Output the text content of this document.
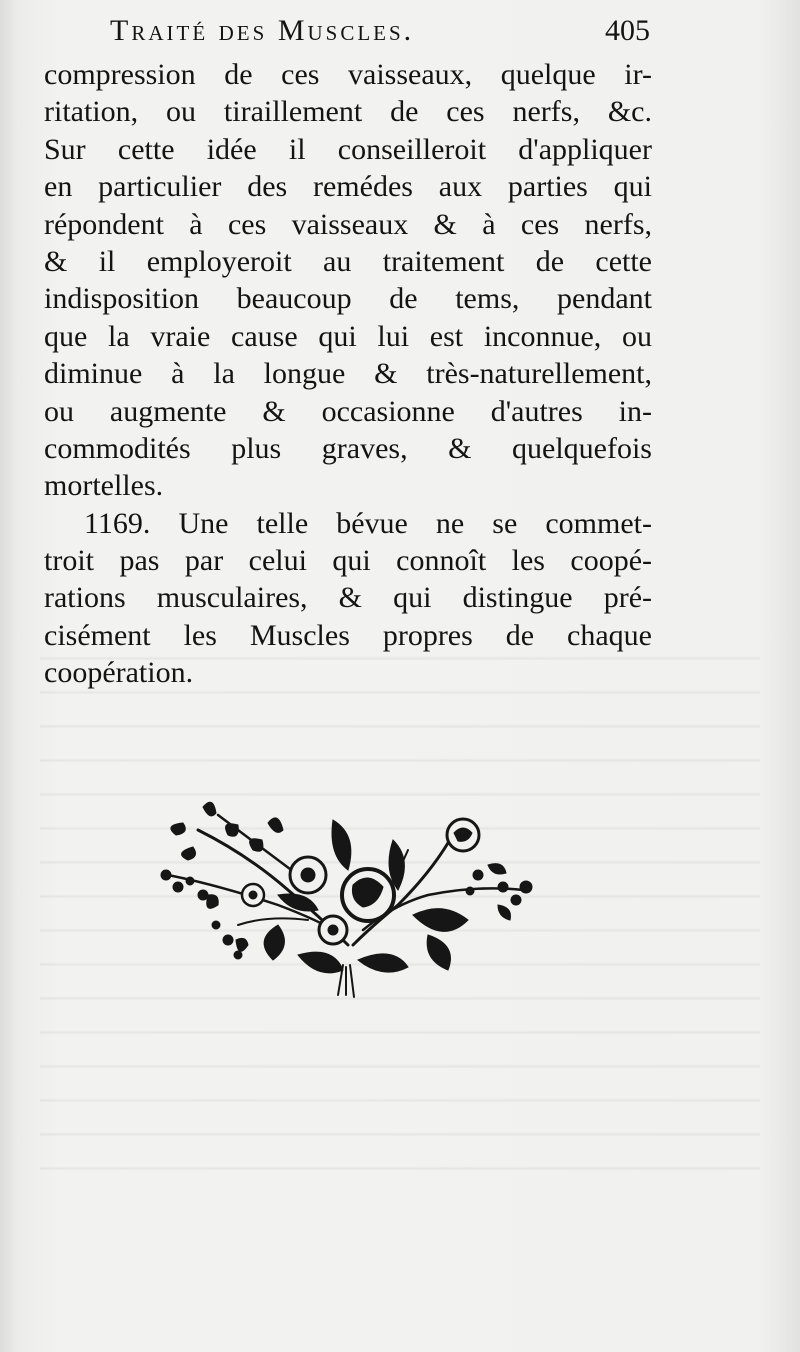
Traité des Muscles.	405
compression de ces vaisseaux, quelque ir-
ritation, ou tiraillement de ces nerfs, &c.
Sur cette idée il conseilleroit d'appliquer
en particulier des remédes aux parties qui
répondent à ces vaisseaux & à ces nerfs,
& il employeroit au traitement de cette
indisposition beaucoup de tems, pendant
que la vraie cause qui lui est inconnue, ou
diminue à la longue & très-naturellement,
ou augmente & occasionne d'autres in-
commodités plus graves, & quelquefois
mortelles.
1169. Une telle bévue ne se commet-
troit pas par celui qui connoît les coopé-
rations musculaires, & qui distingue pré-
cisément les Muscles propres de chaque
coopération.
